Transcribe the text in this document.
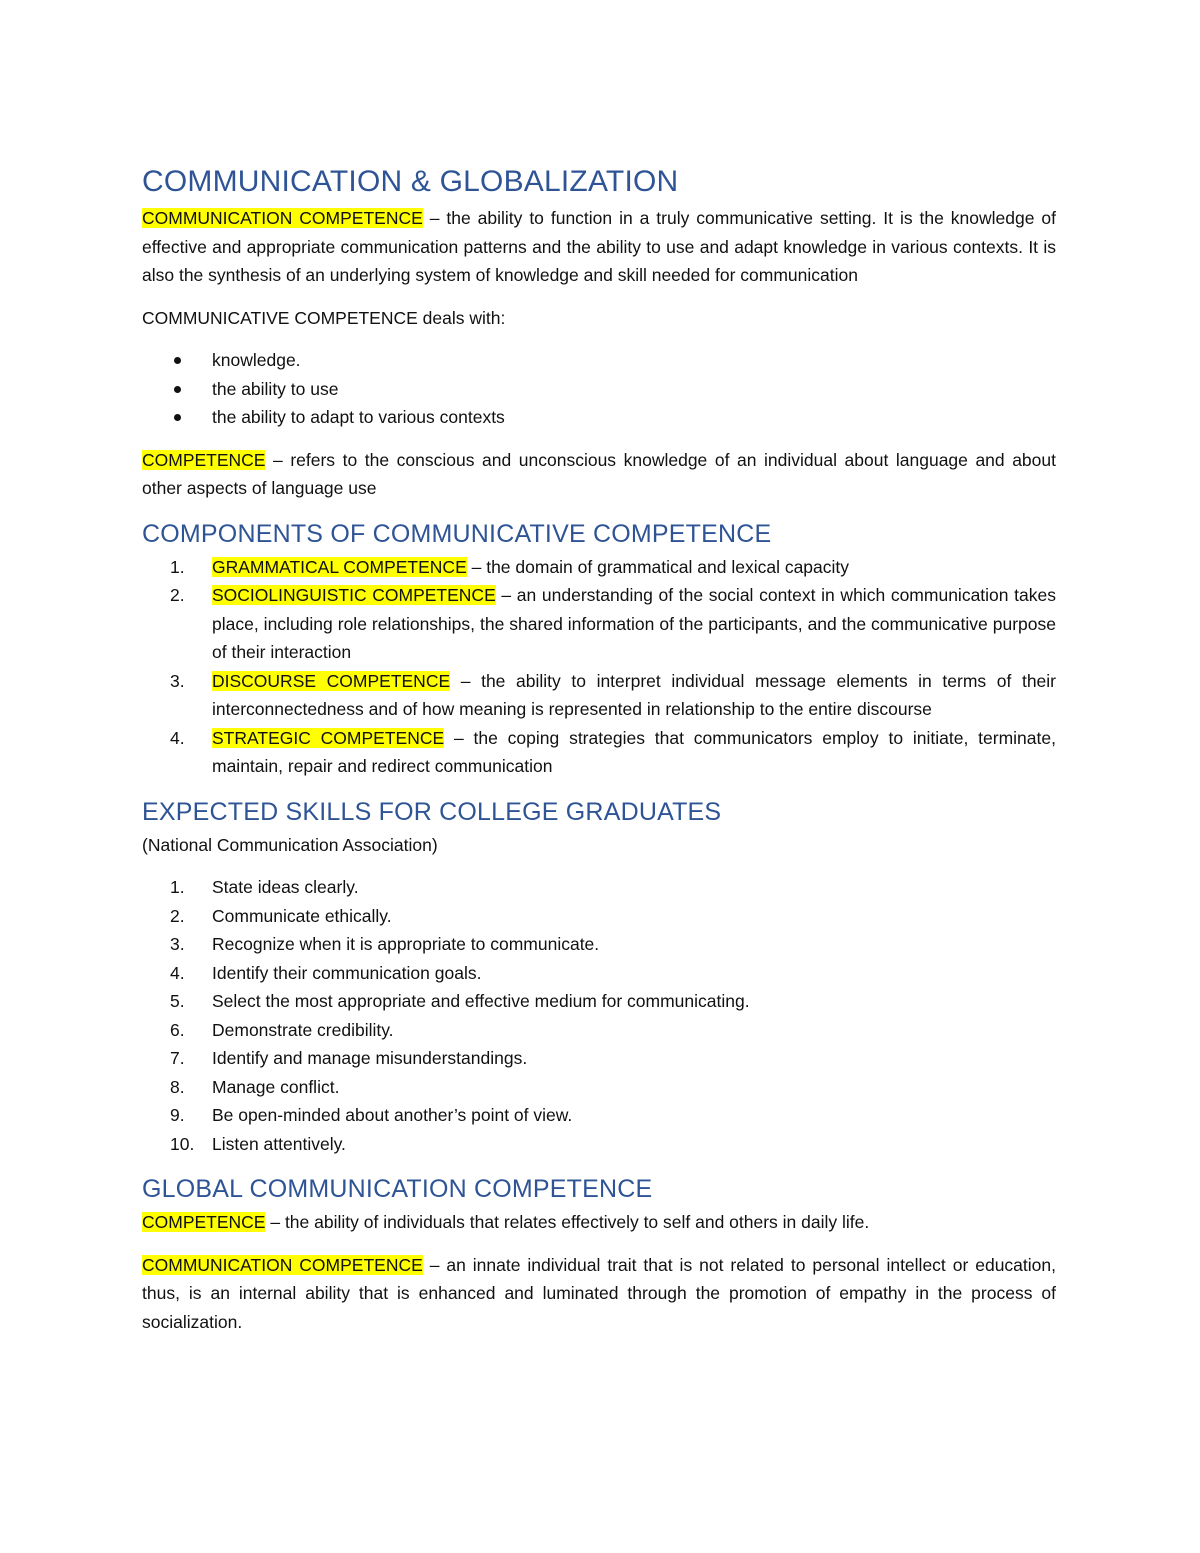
COMMUNICATION & GLOBALIZATION

COMMUNICATION COMPETENCE – the ability to function in a truly communicative setting. It is the knowledge of effective and appropriate communication patterns and the ability to use and adapt knowledge in various contexts. It is also the synthesis of an underlying system of knowledge and skill needed for communication

COMMUNICATIVE COMPETENCE deals with:

knowledge.
the ability to use
the ability to adapt to various contexts

COMPETENCE – refers to the conscious and unconscious knowledge of an individual about language and about other aspects of language use

COMPONENTS OF COMMUNICATIVE COMPETENCE
1. GRAMMATICAL COMPETENCE – the domain of grammatical and lexical capacity
2. SOCIOLINGUISTIC COMPETENCE – an understanding of the social context in which communication takes place, including role relationships, the shared information of the participants, and the communicative purpose of their interaction
3. DISCOURSE COMPETENCE – the ability to interpret individual message elements in terms of their interconnectedness and of how meaning is represented in relationship to the entire discourse
4. STRATEGIC COMPETENCE – the coping strategies that communicators employ to initiate, terminate, maintain, repair and redirect communication
EXPECTED SKILLS FOR COLLEGE GRADUATES
(National Communication Association)
1. State ideas clearly.
2. Communicate ethically.
3. Recognize when it is appropriate to communicate.
4. Identify their communication goals.
5. Select the most appropriate and effective medium for communicating.
6. Demonstrate credibility.
7. Identify and manage misunderstandings.
8. Manage conflict.
9. Be open-minded about another’s point of view.
10. Listen attentively.
GLOBAL COMMUNICATION COMPETENCE

COMPETENCE – the ability of individuals that relates effectively to self and others in daily life.

COMMUNICATION COMPETENCE – an innate individual trait that is not related to personal intellect or education, thus, is an internal ability that is enhanced and luminated through the promotion of empathy in the process of socialization.
